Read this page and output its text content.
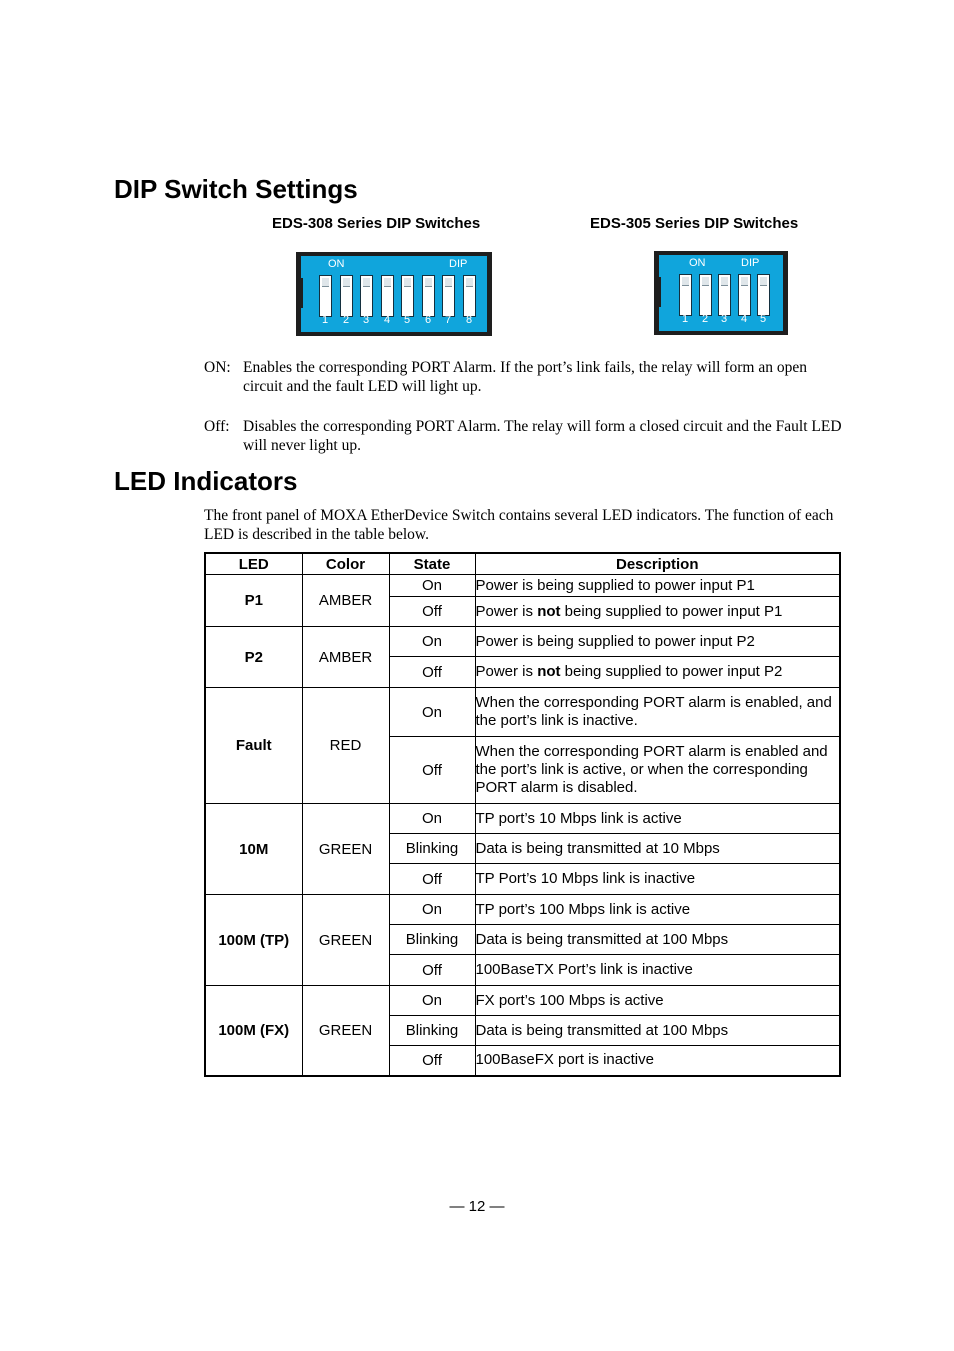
DIP Switch Settings
EDS-308 Series DIP Switches	EDS-305 Series DIP Switches
ON	DIP
1	2	3	4	5	6	7	8
ON	DIP
1	2	3	4	5
ON: Enables the corresponding PORT Alarm. If the port’s link fails, the relay will form an open circuit and the fault LED will light up.
Off: Disables the corresponding PORT Alarm. The relay will form a closed circuit and the Fault LED will never light up.
LED Indicators
The front panel of MOXA EtherDevice Switch contains several LED indicators. The function of each LED is described in the table below.
LED	Color	State	Description
P1	AMBER	On	Power is being supplied to power input P1
		Off	Power is not being supplied to power input P1
P2	AMBER	On	Power is being supplied to power input P2
		Off	Power is not being supplied to power input P2
Fault	RED	On	When the corresponding PORT alarm is enabled, and the port’s link is inactive.
		Off	When the corresponding PORT alarm is enabled and the port’s link is active, or when the corresponding PORT alarm is disabled.
10M	GREEN	On	TP port’s 10 Mbps link is active
		Blinking	Data is being transmitted at 10 Mbps
		Off	TP Port’s 10 Mbps link is inactive
100M (TP)	GREEN	On	TP port’s 100 Mbps link is active
		Blinking	Data is being transmitted at 100 Mbps
		Off	100BaseTX Port’s link is inactive
100M (FX)	GREEN	On	FX port’s 100 Mbps is active
		Blinking	Data is being transmitted at 100 Mbps
		Off	100BaseFX port is inactive
— 12 —
